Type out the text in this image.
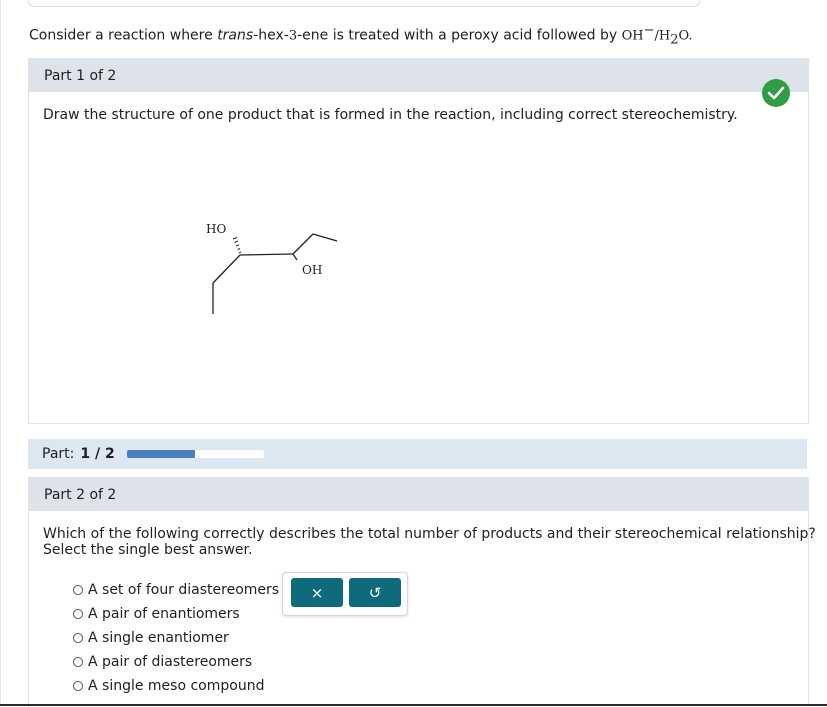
Consider a reaction where trans-hex-3-ene is treated with a peroxy acid followed by $OH^-/H_2O$.
Part 1 of 2
Draw the structure of one product that is formed in the reaction, including correct stereochemistry.
HO
OH
Part: 1 / 2
Part 2 of 2
Which of the following correctly describes the total number of products and their stereochemical relationship?
Select the single best answer.
A set of four diastereomers
A pair of enantiomers
A single enantiomer
A pair of diastereomers
A single meso compound
×	↺
